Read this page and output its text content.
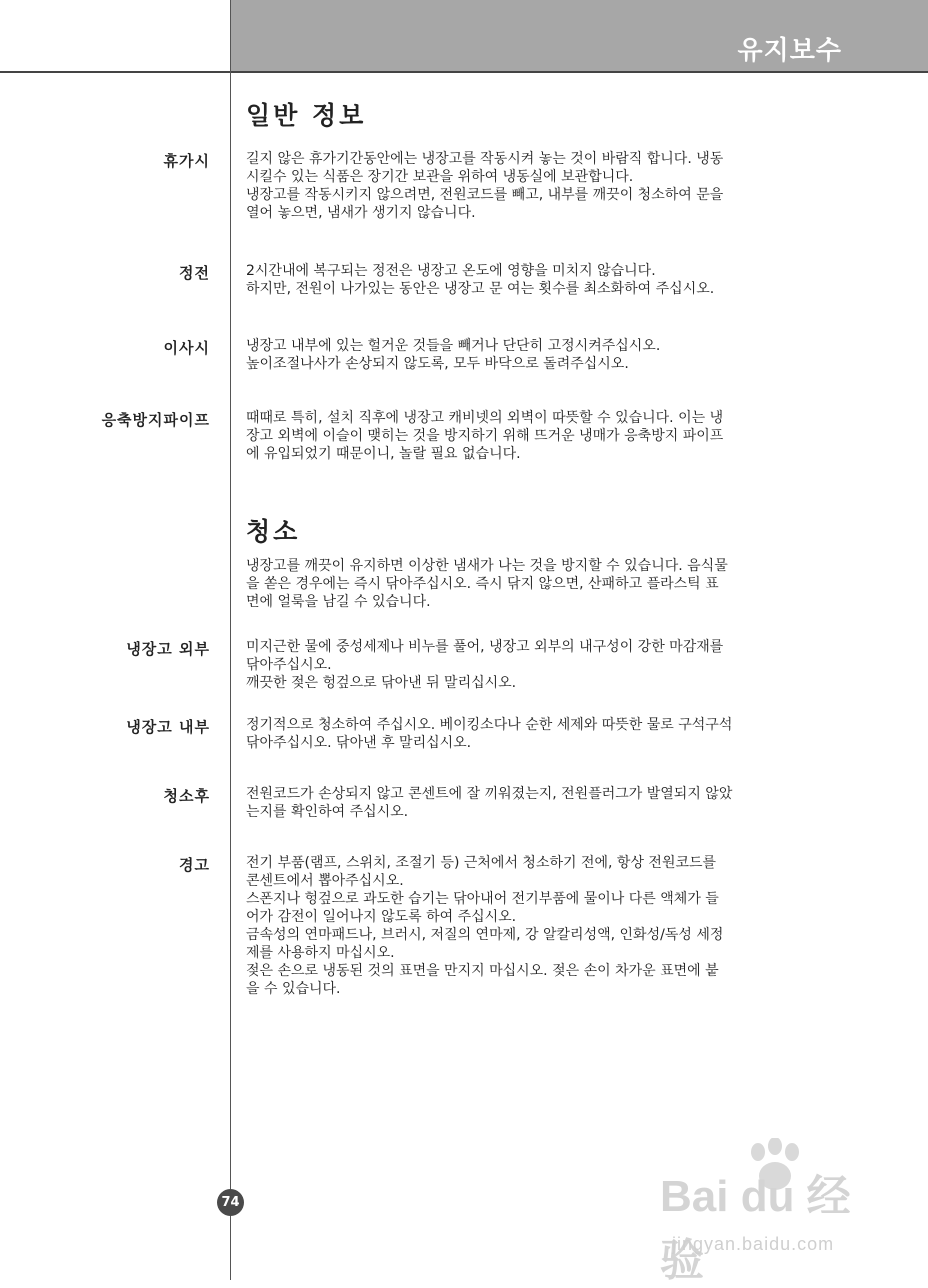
유지보수
일반 정보
휴가시	길지 않은 휴가기간동안에는 냉장고를 작동시켜 놓는 것이 바람직 합니다. 냉동
시킬수 있는 식품은 장기간 보관을 위하여 냉동실에 보관합니다.
냉장고를 작동시키지 않으려면, 전원코드를 빼고, 내부를 깨끗이 청소하여 문을
열어 놓으면, 냄새가 생기지 않습니다.
정전	2시간내에 복구되는 정전은 냉장고 온도에 영향을 미치지 않습니다.
하지만, 전원이 나가있는 동안은 냉장고 문 여는 횟수를 최소화하여 주십시오.
이사시	냉장고 내부에 있는 헐거운 것들을 빼거나 단단히 고정시켜주십시오.
높이조절나사가 손상되지 않도록, 모두 바닥으로 돌려주십시오.
응축방지파이프	때때로 특히, 설치 직후에 냉장고 캐비넷의 외벽이 따뜻할 수 있습니다. 이는 냉
장고 외벽에 이슬이 맺히는 것을 방지하기 위해 뜨거운 냉매가 응축방지 파이프
에 유입되었기 때문이니, 놀랄 필요 없습니다.
청소
냉장고를 깨끗이 유지하면 이상한 냄새가 나는 것을 방지할 수 있습니다. 음식물
을 쏟은 경우에는 즉시 닦아주십시오. 즉시 닦지 않으면, 산패하고 플라스틱 표
면에 얼룩을 남길 수 있습니다.
냉장고 외부	미지근한 물에 중성세제나 비누를 풀어, 냉장고 외부의 내구성이 강한 마감재를
닦아주십시오.
깨끗한 젖은 헝겊으로 닦아낸 뒤 말리십시오.
냉장고 내부	정기적으로 청소하여 주십시오. 베이킹소다나 순한 세제와 따뜻한 물로 구석구석
닦아주십시오. 닦아낸 후 말리십시오.
청소후	전원코드가 손상되지 않고 콘센트에 잘 끼워졌는지, 전원플러그가 발열되지 않았
는지를 확인하여 주십시오.
경고	전기 부품(램프, 스위치, 조절기 등) 근처에서 청소하기 전에, 항상 전원코드를
콘센트에서 뽑아주십시오.
스폰지나 헝겊으로 과도한 습기는 닦아내어 전기부품에 물이나 다른 액체가 들
어가 감전이 일어나지 않도록 하여 주십시오.
금속성의 연마패드나, 브러시, 저질의 연마제, 강 알칼리성액, 인화성/독성 세정
제를 사용하지 마십시오.
젖은 손으로 냉동된 것의 표면을 만지지 마십시오. 젖은 손이 차가운 표면에 붙
을 수 있습니다.
74	Bai du 经验
jingyan.baidu.com
